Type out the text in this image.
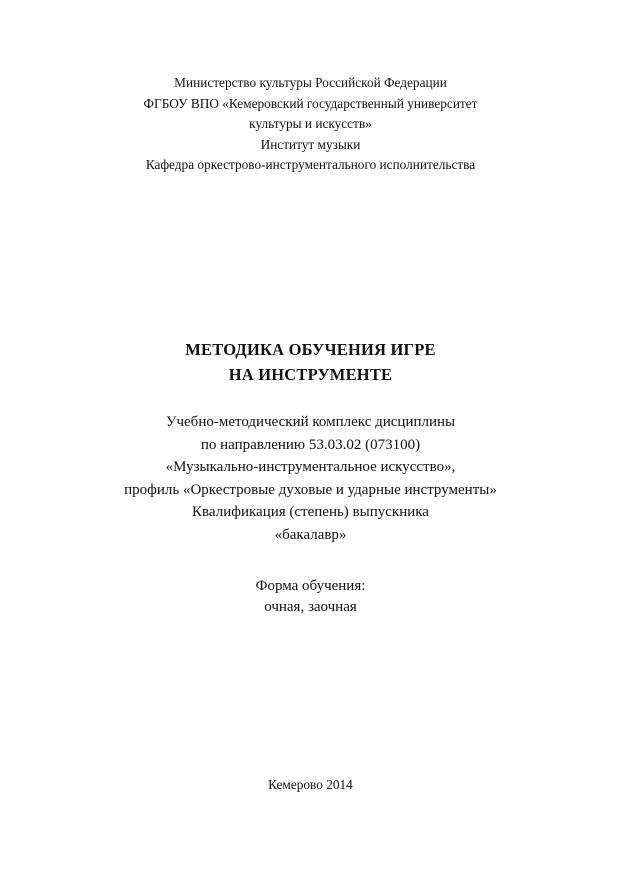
Министерство культуры Российской Федерации
ФГБОУ ВПО «Кемеровский государственный университет
культуры и искусств»
Институт музыки
Кафедра оркестрово-инструментального исполнительства
МЕТОДИКА ОБУЧЕНИЯ ИГРЕ
НА ИНСТРУМЕНТЕ
Учебно-методический комплекс дисциплины
по направлению 53.03.02 (073100)
«Музыкально-инструментальное искусство»,
профиль «Оркестровые духовые и ударные инструменты»
Квалификация (степень) выпускника
«бакалавр»
Форма обучения:
очная, заочная
Кемерово 2014
